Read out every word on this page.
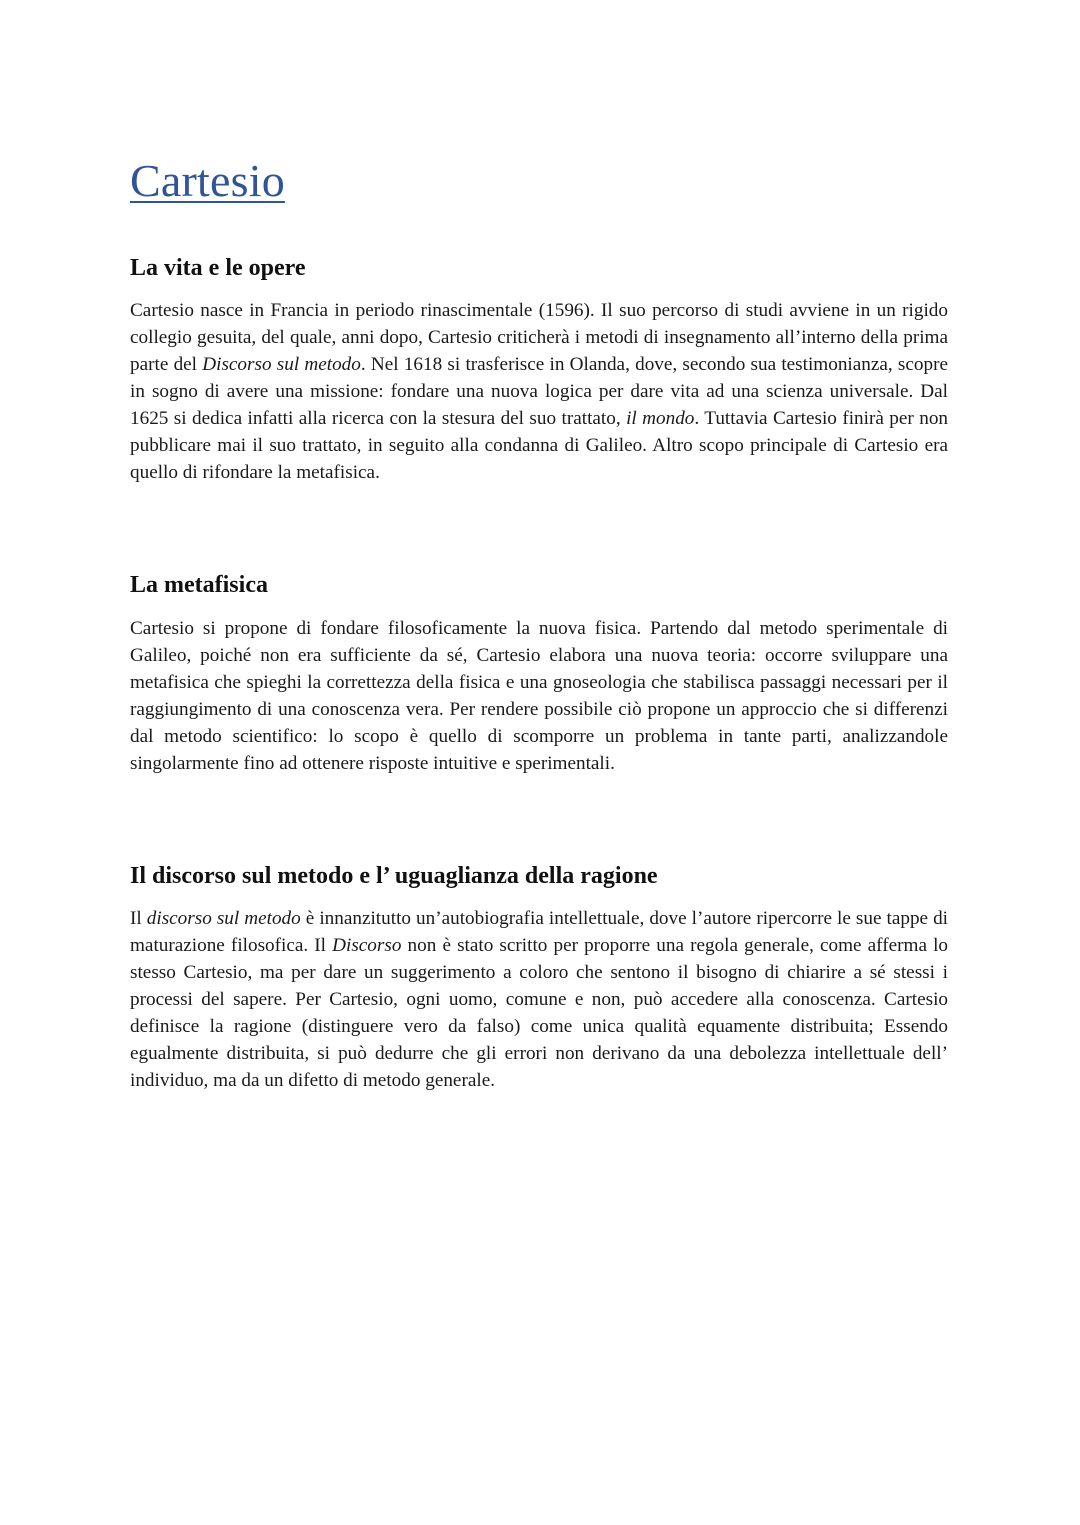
Cartesio
La vita e le opere

Cartesio nasce in Francia in periodo rinascimentale (1596). Il suo percorso di studi avviene in un rigido collegio gesuita, del quale, anni dopo, Cartesio criticherà i metodi di insegnamento all’interno della prima parte del Discorso sul metodo. Nel 1618 si trasferisce in Olanda, dove, secondo sua testimonianza, scopre in sogno di avere una missione: fondare una nuova logica per dare vita ad una scienza universale. Dal 1625 si dedica infatti alla ricerca con la stesura del suo trattato, il mondo. Tuttavia Cartesio finirà per non pubblicare mai il suo trattato, in seguito alla condanna di Galileo. Altro scopo principale di Cartesio era quello di rifondare la metafisica.

La metafisica

Cartesio si propone di fondare filosoficamente la nuova fisica. Partendo dal metodo sperimentale di Galileo, poiché non era sufficiente da sé, Cartesio elabora una nuova teoria: occorre sviluppare una metafisica che spieghi la correttezza della fisica e una gnoseologia che stabilisca passaggi necessari per il raggiungimento di una conoscenza vera. Per rendere possibile ciò propone un approccio che si differenzi dal metodo scientifico: lo scopo è quello di scomporre un problema in tante parti, analizzandole singolarmente fino ad ottenere risposte intuitive e sperimentali.

Il discorso sul metodo e l’ uguaglianza della ragione

Il discorso sul metodo è innanzitutto un’autobiografia intellettuale, dove l’autore ripercorre le sue tappe di maturazione filosofica. Il Discorso non è stato scritto per proporre una regola generale, come afferma lo stesso Cartesio, ma per dare un suggerimento a coloro che sentono il bisogno di chiarire a sé stessi i processi del sapere. Per Cartesio, ogni uomo, comune e non, può accedere alla conoscenza. Cartesio definisce la ragione (distinguere vero da falso) come unica qualità equamente distribuita; Essendo egualmente distribuita, si può dedurre che gli errori non derivano da una debolezza intellettuale dell’ individuo, ma da un difetto di metodo generale.
